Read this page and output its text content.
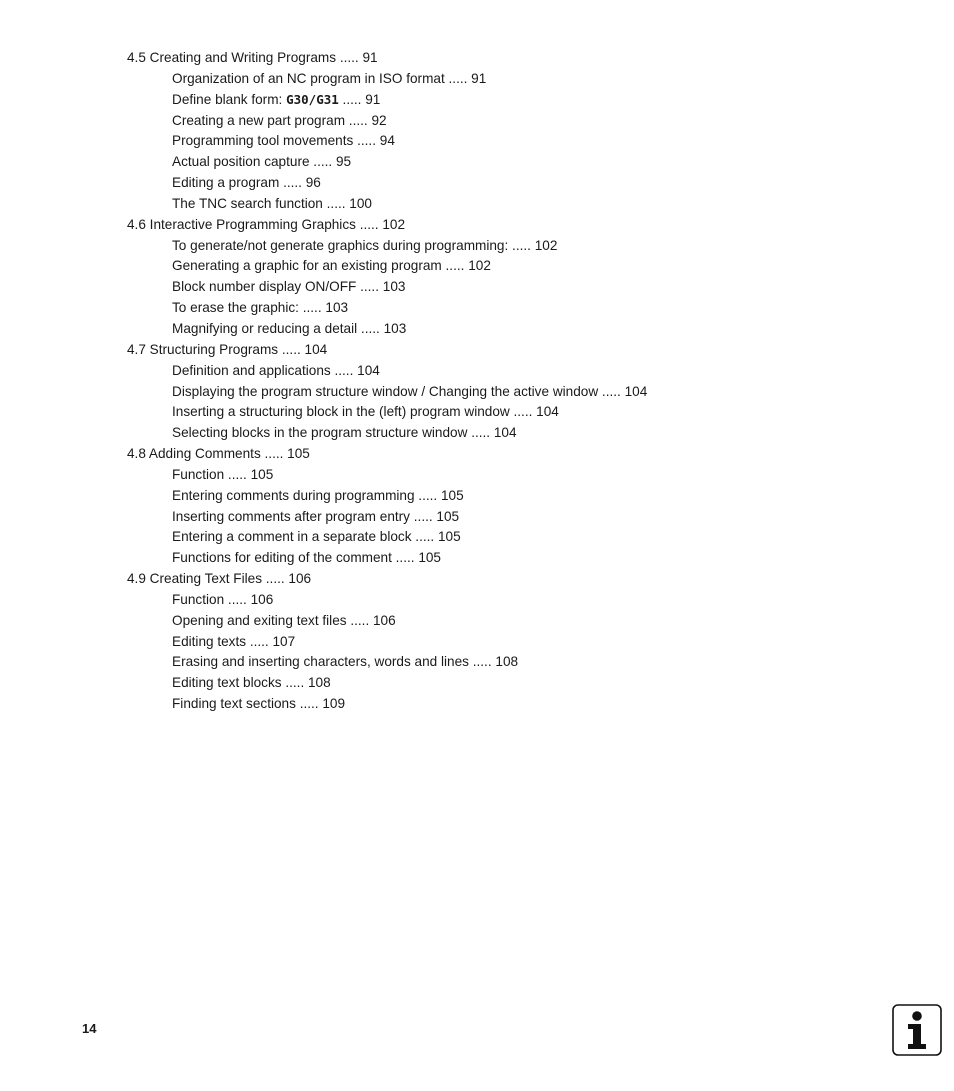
4.5 Creating and Writing Programs ..... 91
Organization of an NC program in ISO format ..... 91
Define blank form: G30/G31 ..... 91
Creating a new part program ..... 92
Programming tool movements ..... 94
Actual position capture ..... 95
Editing a program ..... 96
The TNC search function ..... 100
4.6 Interactive Programming Graphics ..... 102
To generate/not generate graphics during programming: ..... 102
Generating a graphic for an existing program ..... 102
Block number display ON/OFF ..... 103
To erase the graphic: ..... 103
Magnifying or reducing a detail ..... 103
4.7 Structuring Programs ..... 104
Definition and applications ..... 104
Displaying the program structure window / Changing the active window ..... 104
Inserting a structuring block in the (left) program window ..... 104
Selecting blocks in the program structure window ..... 104
4.8 Adding Comments ..... 105
Function ..... 105
Entering comments during programming ..... 105
Inserting comments after program entry ..... 105
Entering a comment in a separate block ..... 105
Functions for editing of the comment ..... 105
4.9 Creating Text Files ..... 106
Function ..... 106
Opening and exiting text files ..... 106
Editing texts ..... 107
Erasing and inserting characters, words and lines ..... 108
Editing text blocks ..... 108
Finding text sections ..... 109
14
